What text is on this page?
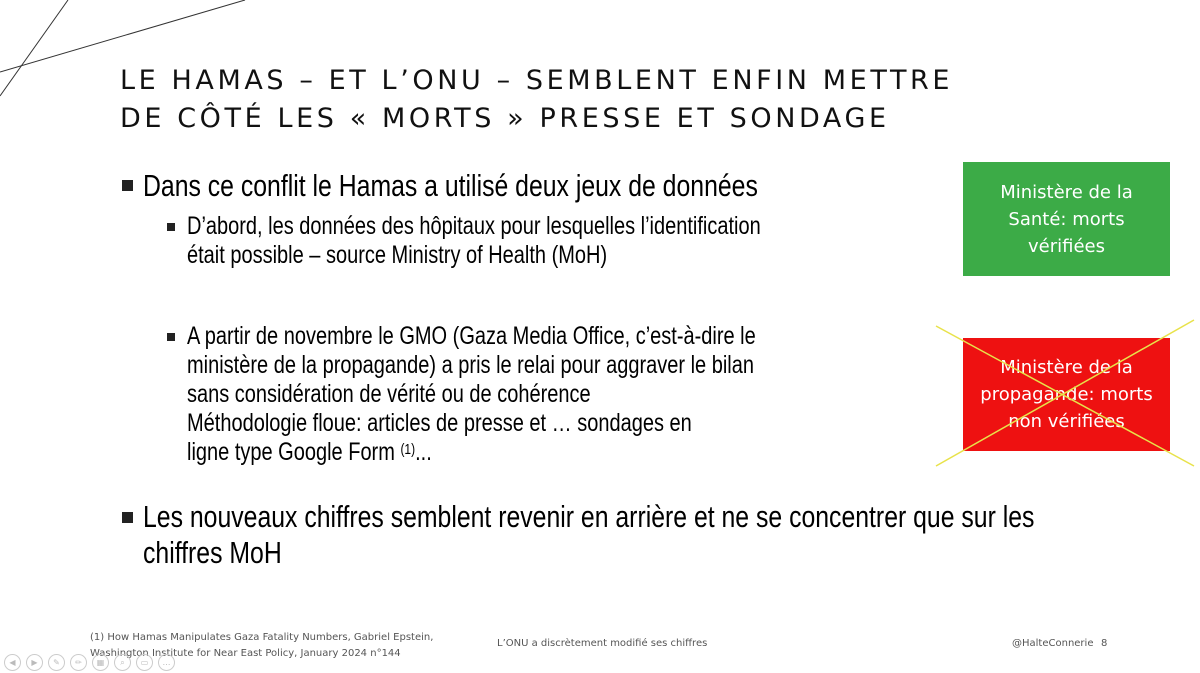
LE HAMAS – ET L’ONU – SEMBLENT ENFIN METTRE
DE CÔTÉ LES « MORTS » PRESSE ET SONDAGE
Dans ce conflit le Hamas a utilisé deux jeux de données
D’abord, les données des hôpitaux pour lesquelles l’identification
était possible – source Ministry of Health (MoH)
A partir de novembre le GMO (Gaza Media Office, c’est-à-dire le
ministère de la propagande) a pris le relai pour aggraver le bilan
sans considération de vérité ou de cohérence
Méthodologie floue: articles de presse et … sondages en
ligne type Google Form $^{(1)}$...
Les nouveaux chiffres semblent revenir en arrière et ne se concentrer que sur les
chiffres MoH
Ministère de la
Santé: morts
vérifiées
Ministère de la
propagande: morts
non vérifiées
(1) How Hamas Manipulates Gaza Fatality Numbers, Gabriel Epstein,
Washington Institute for Near East Policy, January 2024 n°144
L’ONU a discrètement modifié ses chiffres	@HalteConnerie 8
◀	▶	✎	✏	▦	⌕	▭	…
